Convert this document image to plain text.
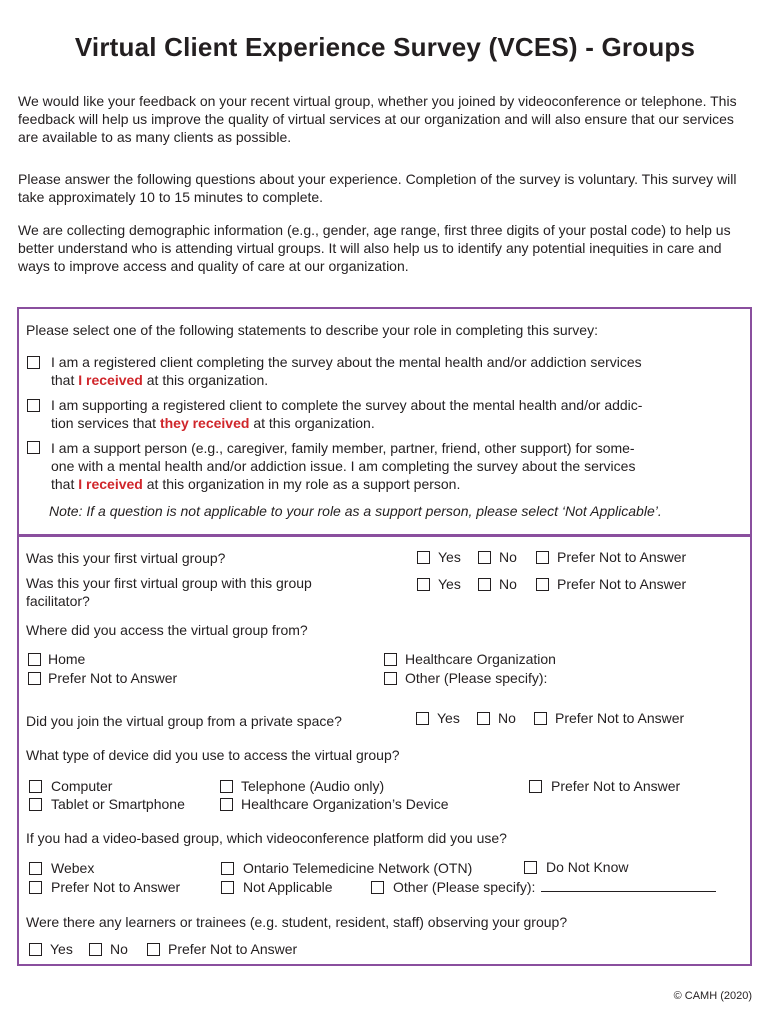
Virtual Client Experience Survey (VCES) - Groups

We would like your feedback on your recent virtual group, whether you joined by videoconference or telephone. This feedback will help us improve the quality of virtual services at our organization and will also ensure that our services are available to as many clients as possible.

Please answer the following questions about your experience. Completion of the survey is voluntary. This survey will take approximately 10 to 15 minutes to complete.

We are collecting demographic information (e.g., gender, age range, first three digits of your postal code) to help us better understand who is attending virtual groups. It will also help us to identify any potential inequities in care and ways to improve access and quality of care at our organization.

Please select one of the following statements to describe your role in completing this survey:
I am a registered client completing the survey about the mental health and/or addiction services
that I received at this organization.
I am supporting a registered client to complete the survey about the mental health and/or addic-
tion services that they received at this organization.
I am a support person (e.g., caregiver, family member, partner, friend, other support) for some-
one with a mental health and/or addiction issue. I am completing the survey about the services
that I received at this organization in my role as a support person.
Note: If a question is not applicable to your role as a support person, please select ‘Not Applicable’.
Was this your first virtual group?	Yes	No	Prefer Not to Answer
Was this your first virtual group with this group
facilitator?
Yes	No	Prefer Not to Answer
Where did you access the virtual group from?
Home
Prefer Not to Answer
Healthcare Organization
Other (Please specify):
Did you join the virtual group from a private space?	Yes	No	Prefer Not to Answer
What type of device did you use to access the virtual group?
Computer
Tablet or Smartphone
Telephone (Audio only)
Healthcare Organization’s Device
Prefer Not to Answer
If you had a video-based group, which videoconference platform did you use?
Webex
Prefer Not to Answer
Ontario Telemedicine Network (OTN)
Not Applicable
Do Not Know
Other (Please specify):
Were there any learners or trainees (e.g. student, resident, staff) observing your group?
Yes	No	Prefer Not to Answer
© CAMH (2020)
